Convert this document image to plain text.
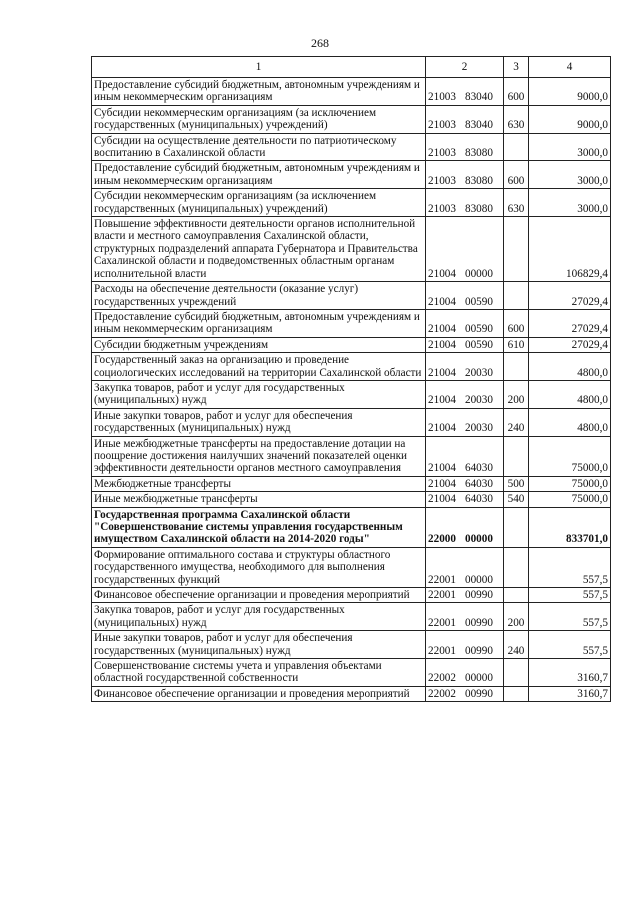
268
1	2	3	4
Предоставление субсидий бюджетным, автономным учреждениям и иным некоммерческим организациям	21003 83040	600	9000,0
Субсидии некоммерческим организациям (за исключением государственных (муниципальных) учреждений)	21003 83040	630	9000,0
Субсидии на осуществление деятельности по патриотическому воспитанию в Сахалинской области	21003 83080		3000,0
Предоставление субсидий бюджетным, автономным учреждениям и иным некоммерческим организациям	21003 83080	600	3000,0
Субсидии некоммерческим организациям (за исключением государственных (муниципальных) учреждений)	21003 83080	630	3000,0
Повышение эффективности деятельности органов исполнительной власти и местного самоуправления Сахалинской области, структурных подразделений аппарата Губернатора и Правительства Сахалинской области и подведомственных областным органам исполнительной власти	21004 00000		106829,4
Расходы на обеспечение деятельности (оказание услуг) государственных учреждений	21004 00590		27029,4
Предоставление субсидий бюджетным, автономным учреждениям и иным некоммерческим организациям	21004 00590	600	27029,4
Субсидии бюджетным учреждениям	21004 00590	610	27029,4
Государственный заказ на организацию и проведение социологических исследований на территории Сахалинской области	21004 20030		4800,0
Закупка товаров, работ и услуг для государственных (муниципальных) нужд	21004 20030	200	4800,0
Иные закупки товаров, работ и услуг для обеспечения государственных (муниципальных) нужд	21004 20030	240	4800,0
Иные межбюджетные трансферты на предоставление дотации на поощрение достижения наилучших значений показателей оценки эффективности деятельности органов местного самоуправления	21004 64030		75000,0
Межбюджетные трансферты	21004 64030	500	75000,0
Иные межбюджетные трансферты	21004 64030	540	75000,0
Государственная программа Сахалинской области "Совершенствование системы управления государственным имуществом Сахалинской области на 2014-2020 годы"	22000 00000		833701,0
Формирование оптимального состава и структуры областного государственного имущества, необходимого для выполнения государственных функций	22001 00000		557,5
Финансовое обеспечение организации и проведения мероприятий	22001 00990		557,5
Закупка товаров, работ и услуг для государственных (муниципальных) нужд	22001 00990	200	557,5
Иные закупки товаров, работ и услуг для обеспечения государственных (муниципальных) нужд	22001 00990	240	557,5
Совершенствование системы учета и управления объектами областной государственной собственности	22002 00000		3160,7
Финансовое обеспечение организации и проведения мероприятий	22002 00990		3160,7
